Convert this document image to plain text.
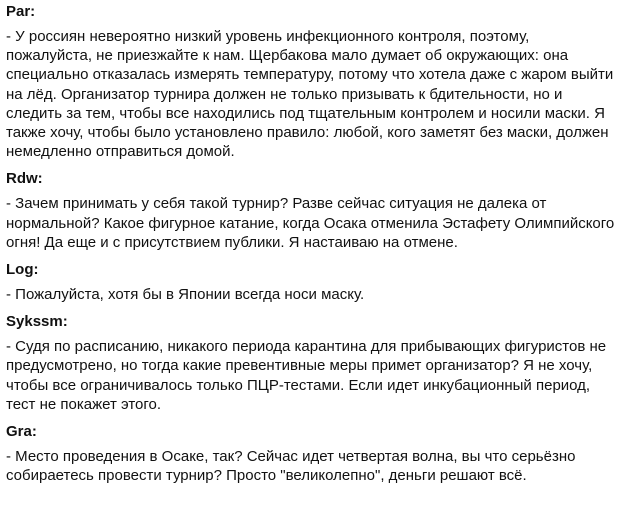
Par:
- У россиян невероятно низкий уровень инфекционного контроля, поэтому, пожалуйста, не приезжайте к нам. Щербакова мало думает об окружающих: она специально отказалась измерять температуру, потому что хотела даже с жаром выйти на лёд. Организатор турнира должен не только призывать к бдительности, но и следить за тем, чтобы все находились под тщательным контролем и носили маски. Я также хочу, чтобы было установлено правило: любой, кого заметят без маски, должен немедленно отправиться домой.
Rdw:
- Зачем принимать у себя такой турнир? Разве сейчас ситуация не далека от нормальной? Какое фигурное катание, когда Осака отменила Эстафету Олимпийского огня! Да еще и с присутствием публики. Я настаиваю на отмене.
Log:
- Пожалуйста, хотя бы в Японии всегда носи маску.
Sykssm:
- Судя по расписанию, никакого периода карантина для прибывающих фигуристов не предусмотрено, но тогда какие превентивные меры примет организатор? Я не хочу, чтобы все ограничивалось только ПЦР-тестами. Если идет инкубационный период, тест не покажет этого.
Gra:
- Место проведения в Осаке, так? Сейчас идет четвертая волна, вы что серьёзно собираетесь провести турнир? Просто "великолепно", деньги решают всё.
